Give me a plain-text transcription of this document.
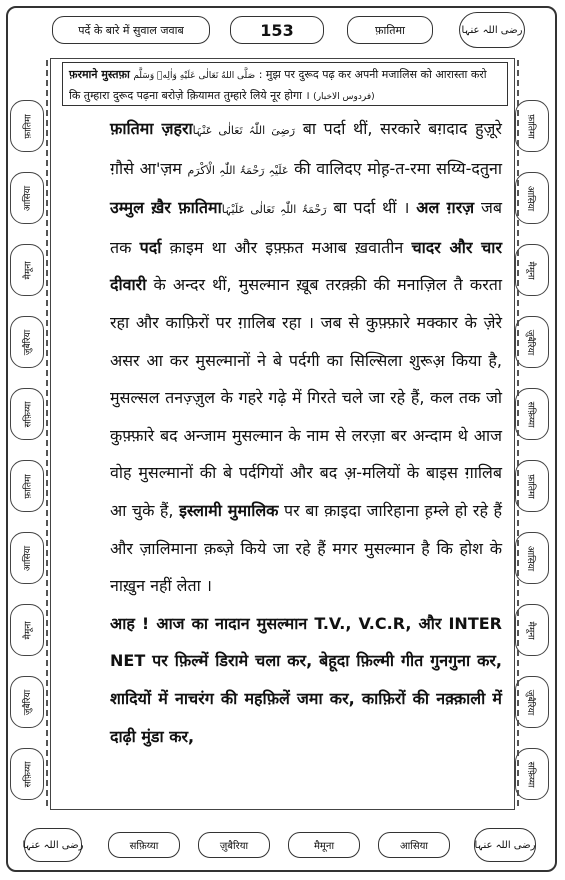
पर्दे के बारे में सुवाल जवाब	153	फ़ातिमा	رضی اللہ عنہا
फ़रमाने मुस्तफ़ा صَلَّى اللهُ تَعَالٰى عَلَيْهِ وَاٰلِهٖ وَسَلَّم : मुझ पर दुरूद पढ़ कर अपनी मजालिस को आरास्ता करो कि तुम्हारा दुरूद पढ़ना बरोज़े क़ियामत तुम्हारे लिये नूर होगा । (فردوس الاخبار)
फ़ातिमा
आसिया
मैमूना
ज़ुबैरिया
सफ़िय्या
फ़ातिमा
आसिया
मैमूना
ज़ुबैरिया
सफ़िय्या
फ़ातिमा
आसिया
मैमूना
ज़ुबैरिया
सफ़िय्या
फ़ातिमा
आसिया
मैमूना
ज़ुबैरिया
सफ़िय्या

फ़ातिमा ज़हराرَضِیَ اللّٰہُ تَعَالٰی عَنْہَا बा पर्दा थीं, सरकारे बग़दाद हुज़ूरे ग़ौसे आ'ज़म عَلَیْہِ رَحْمَۃُ اللّٰہِ الْاَکْرَم की वालिदए मोह़-त-रमा सय्यि-दतुना उम्मुल ख़ैर फ़ातिमाرَحْمَۃُ اللّٰہِ تَعَالٰی عَلَیْہَا बा पर्दा थीं । अल ग़रज़ जब तक पर्दा क़ाइम था और इफ़्फ़त मआब ख़वातीन चादर और चार दीवारी के अन्दर थीं, मुसल्मान ख़ूब तरक़्क़ी की मनाज़िल तै करता रहा और काफ़िरों पर ग़ालिब रहा । जब से कुफ़्फ़ारे मक्कार के ज़ेरे असर आ कर मुसल्मानों ने बे पर्दगी का सिल्सिला शुरूअ़ किया है, मुसल्सल तनज़्ज़ुल के गहरे गढ़े में गिरते चले जा रहे हैं, कल तक जो कुफ़्फ़ारे बद अन्जाम मुसल्मान के नाम से लरज़ा बर अन्दाम थे आज वोह मुसल्मानों की बे पर्दगियों और बद अ़-मलियों के बाइस ग़ालिब आ चुके हैं, इस्लामी मुमालिक पर बा क़ाइदा जारिहाना ह़म्ले हो रहे हैं और ज़ालिमाना क़ब्ज़े किये जा रहे हैं मगर मुसल्मान है कि होश के नाख़ुन नहीं लेता ।

आह ! आज का नादान मुसल्मान T.V., V.C.R, और INTER NET पर फ़िल्में डिरामे चला कर, बेहूदा फ़िल्मी गीत गुनगुना कर, शादियों में नाचरंग की महफ़िलें जमा कर, काफ़िरों की नक़्क़ाली में दाढ़ी मुंडा कर,

رضی اللہ عنہا	सफ़िय्या	ज़ुबैरिया	मैमूना	आसिया	رضی اللہ عنہا
